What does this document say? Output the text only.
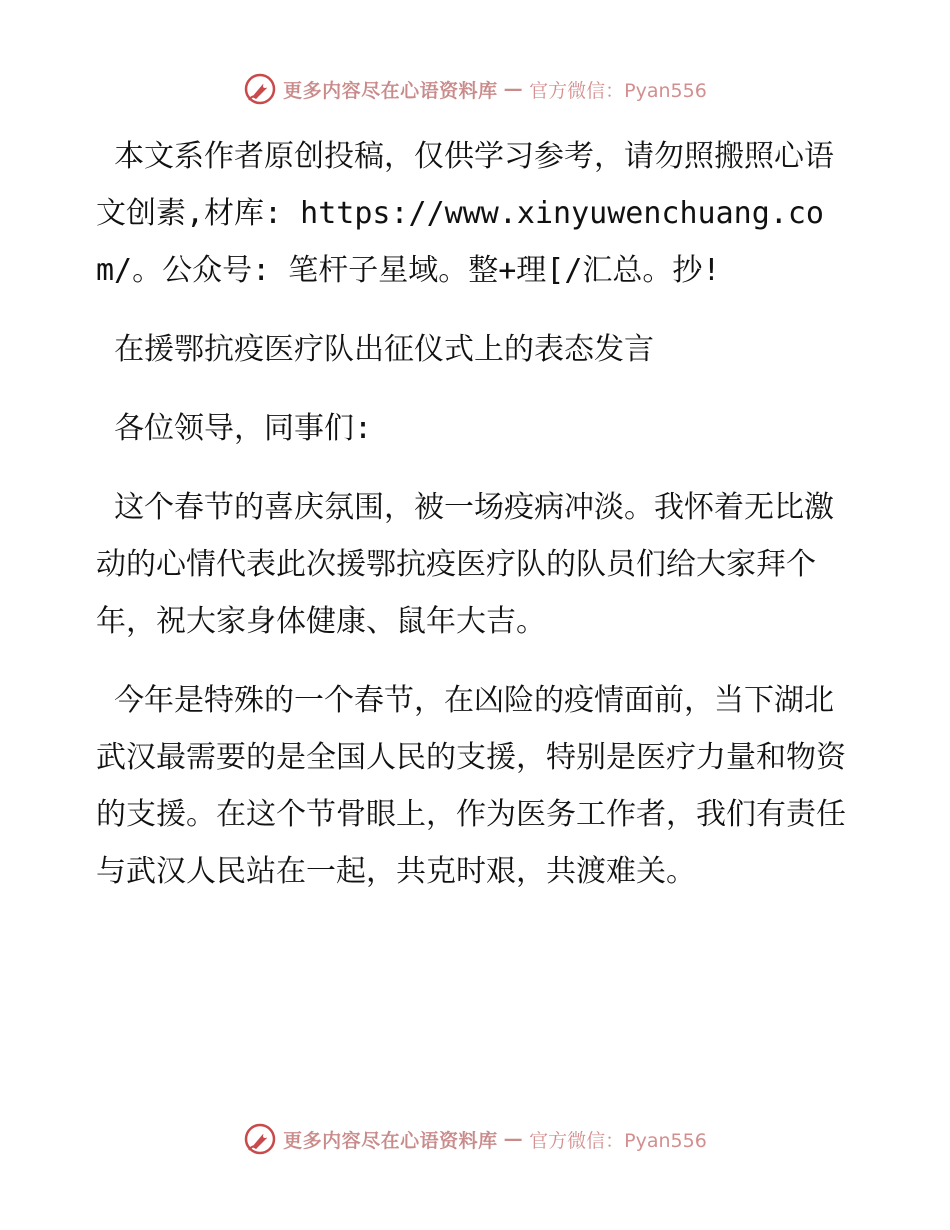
更多内容尽在心语资料库 — 官方微信：Pyan556

本文系作者原创投稿，仅供学习参考，请勿照搬照心语文创素,材库: https://www.xinyuwenchuang.com/。公众号: 笔杆子星域。整+理[/汇总。抄!

在援鄂抗疫医疗队出征仪式上的表态发言

各位领导，同事们:

这个春节的喜庆氛围，被一场疫病冲淡。我怀着无比激动的心情代表此次援鄂抗疫医疗队的队员们给大家拜个年，祝大家身体健康、鼠年大吉。

今年是特殊的一个春节，在凶险的疫情面前，当下湖北武汉最需要的是全国人民的支援，特别是医疗力量和物资的支援。在这个节骨眼上，作为医务工作者，我们有责任与武汉人民站在一起，共克时艰，共渡难关。

更多内容尽在心语资料库 — 官方微信：Pyan556
